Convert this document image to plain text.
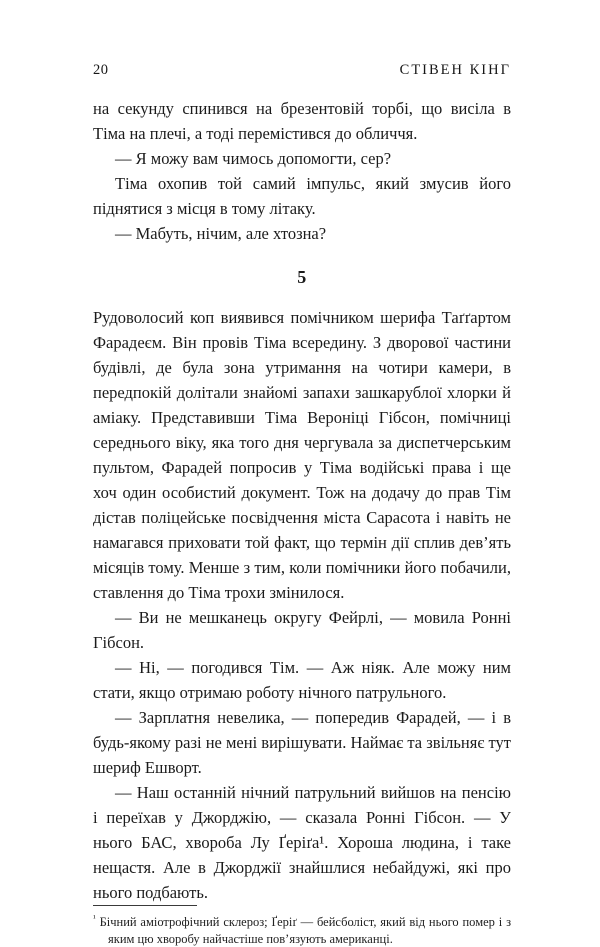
20	СТІВЕН КІНГ

на секунду спинився на брезентовій торбі, що висіла в Тіма на плечі, а тоді перемістився до обличчя.

— Я можу вам чимось допомогти, сер?

Тіма охопив той самий імпульс, який змусив його піднятися з місця в тому літаку.

— Мабуть, нічим, але хтозна?

5

Рудоволосий коп виявився помічником шерифа Таґґартом Фарадеєм. Він провів Тіма всередину. З дворової частини будівлі, де була зона утримання на чотири камери, в передпокій долітали знайомі запахи зашкарублої хлорки й аміаку. Представивши Тіма Вероніці Гібсон, помічниці середнього віку, яка того дня чергувала за диспетчерським пультом, Фарадей попросив у Тіма водійські права і ще хоч один особистий документ. Тож на додачу до прав Тім дістав поліцейське посвідчення міста Сарасота і навіть не намагався приховати той факт, що термін дії сплив дев’ять місяців тому. Менше з тим, коли помічники його побачили, ставлення до Тіма трохи змінилося.

— Ви не мешканець округу Фейрлі, — мовила Ронні Гібсон.

— Ні, — погодився Тім. — Аж ніяк. Але можу ним стати, якщо отримаю роботу нічного патрульного.

— Зарплатня невелика, — попередив Фарадей, — і в будь-якому разі не мені вирішувати. Наймає та звільняє тут шериф Ешворт.

— Наш останній нічний патрульний вийшов на пенсію і переїхав у Джорджію, — сказала Ронні Гібсон. — У нього БАС, хвороба Лу Ґеріґа¹. Хороша людина, і таке нещастя. Але в Джорджії знайшлися небайдужі, які про нього подбають.

$^{^1}$ Бічний аміотрофічний склероз; Ґеріґ — бейсболіст, який від нього помер і з яким цю хворобу найчастіше пов’язують американці.
